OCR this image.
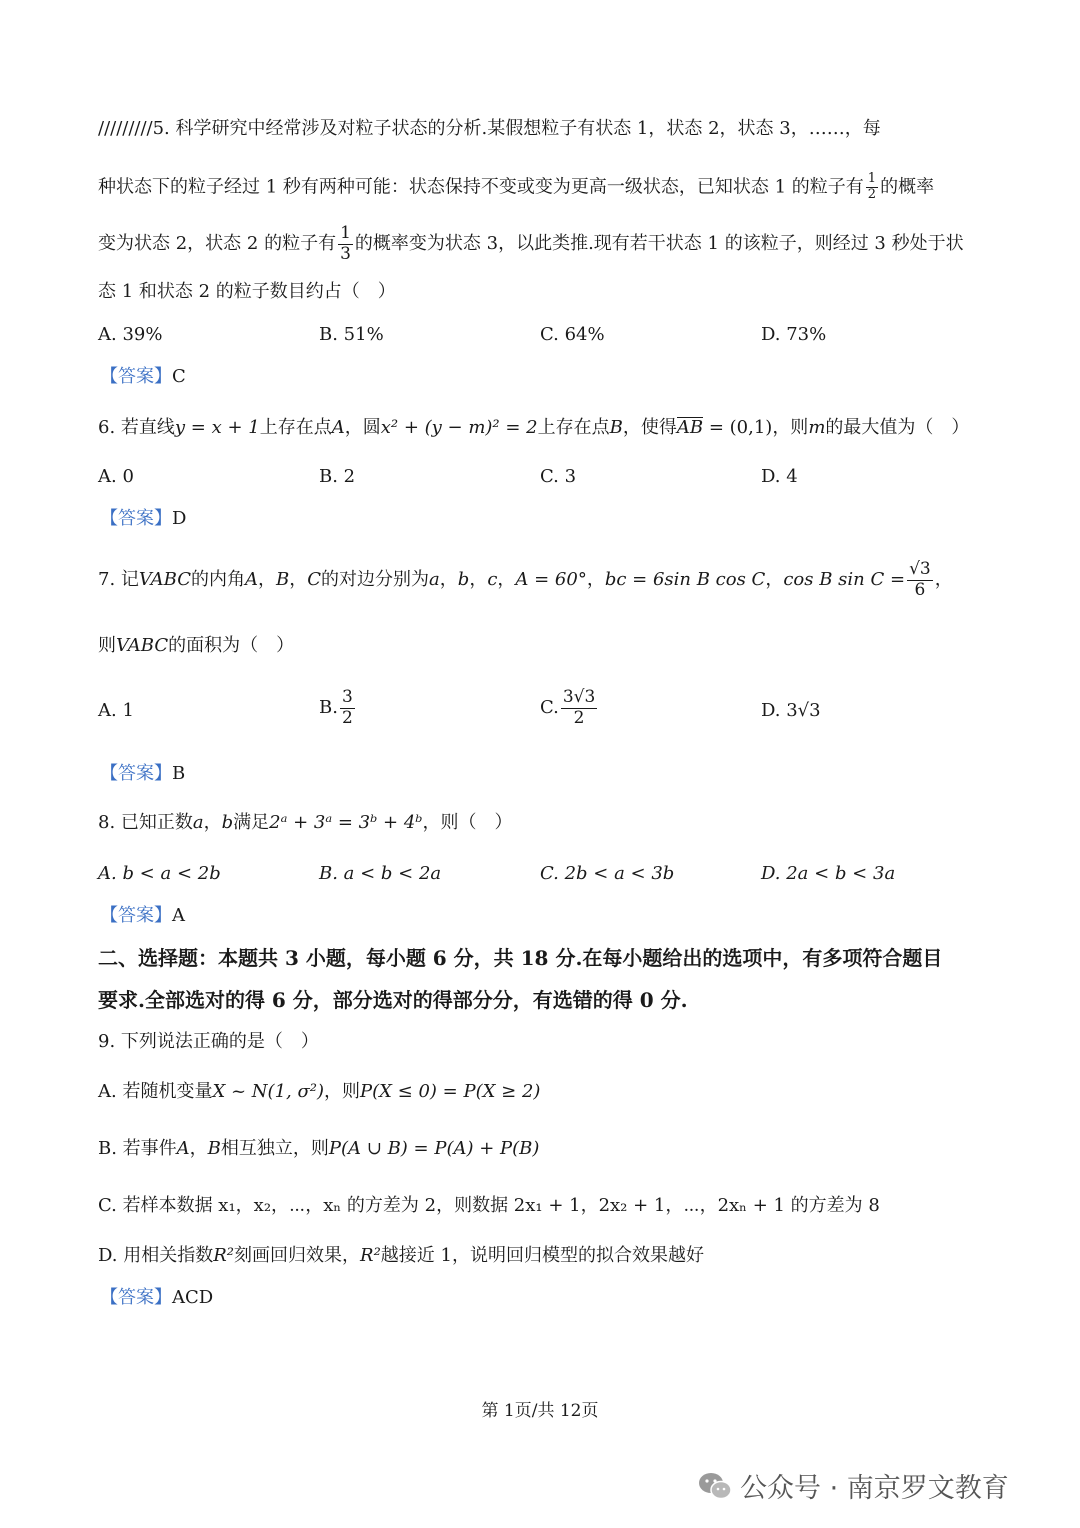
/////////5. 科学研究中经常涉及对粒子状态的分析.某假想粒子有状态 1，状态 2，状态 3，……，每
种状态下的粒子经过 1 秒有两种可能：状态保持不变或变为更高一级状态，已知状态 1 的粒子有 $\frac{1}{2}$ 的概率
变为状态 2，状态 2 的粒子有 $\frac{1}{3}$ 的概率变为状态 3，以此类推.现有若干状态 1 的该粒子，则经过 3 秒处于状
态 1 和状态 2 的粒子数目约占（　）
A. 39%	B. 51%	C. 64%	D. 73%
【答案】C
6. 若直线y = x + 1上存在点A，圆x² + (y − m)² = 2上存在点B，使得AB = (0,1)，则m的最大值为（　）
A. 0	B. 2	C. 3	D. 4
【答案】D
7. 记VABC的内角A，B，C的对边分别为a，b，c，A = 60°，bc = 6sin B cos C，cos B $\sin C = \frac{√3}{6}$ ，
则VABC的面积为（　）
A. 1	B. $\frac{3}{2}$	C. $\frac{3√3}{2}$	D. 3√3
【答案】B
8. 已知正数a，b满足2ᵃ + 3ᵃ = 3ᵇ + 4ᵇ，则（　）
A. b < a < 2b	B. a < b < 2a	C. 2b < a < 3b	D. 2a < b < 3a
【答案】A
二、选择题：本题共 3 小题，每小题 6 分，共 18 分.在每小题给出的选项中，有多项符合题目
要求.全部选对的得 6 分，部分选对的得部分分，有选错的得 0 分.
9. 下列说法正确的是（　）
A. 若随机变量X ~ N(1, σ²)，则P(X ≤ 0) = P(X ≥ 2)
B. 若事件A，B相互独立，则P(A ∪ B) = P(A) + P(B)
C. 若样本数据 x₁，x₂，⋯，xₙ 的方差为 2，则数据 2x₁ + 1，2x₂ + 1，⋯，2xₙ + 1 的方差为 8
D. 用相关指数R²刻画回归效果，R²越接近 1，说明回归模型的拟合效果越好
【答案】ACD
第 1页/共 12页
公众号 · 南京罗文教育
